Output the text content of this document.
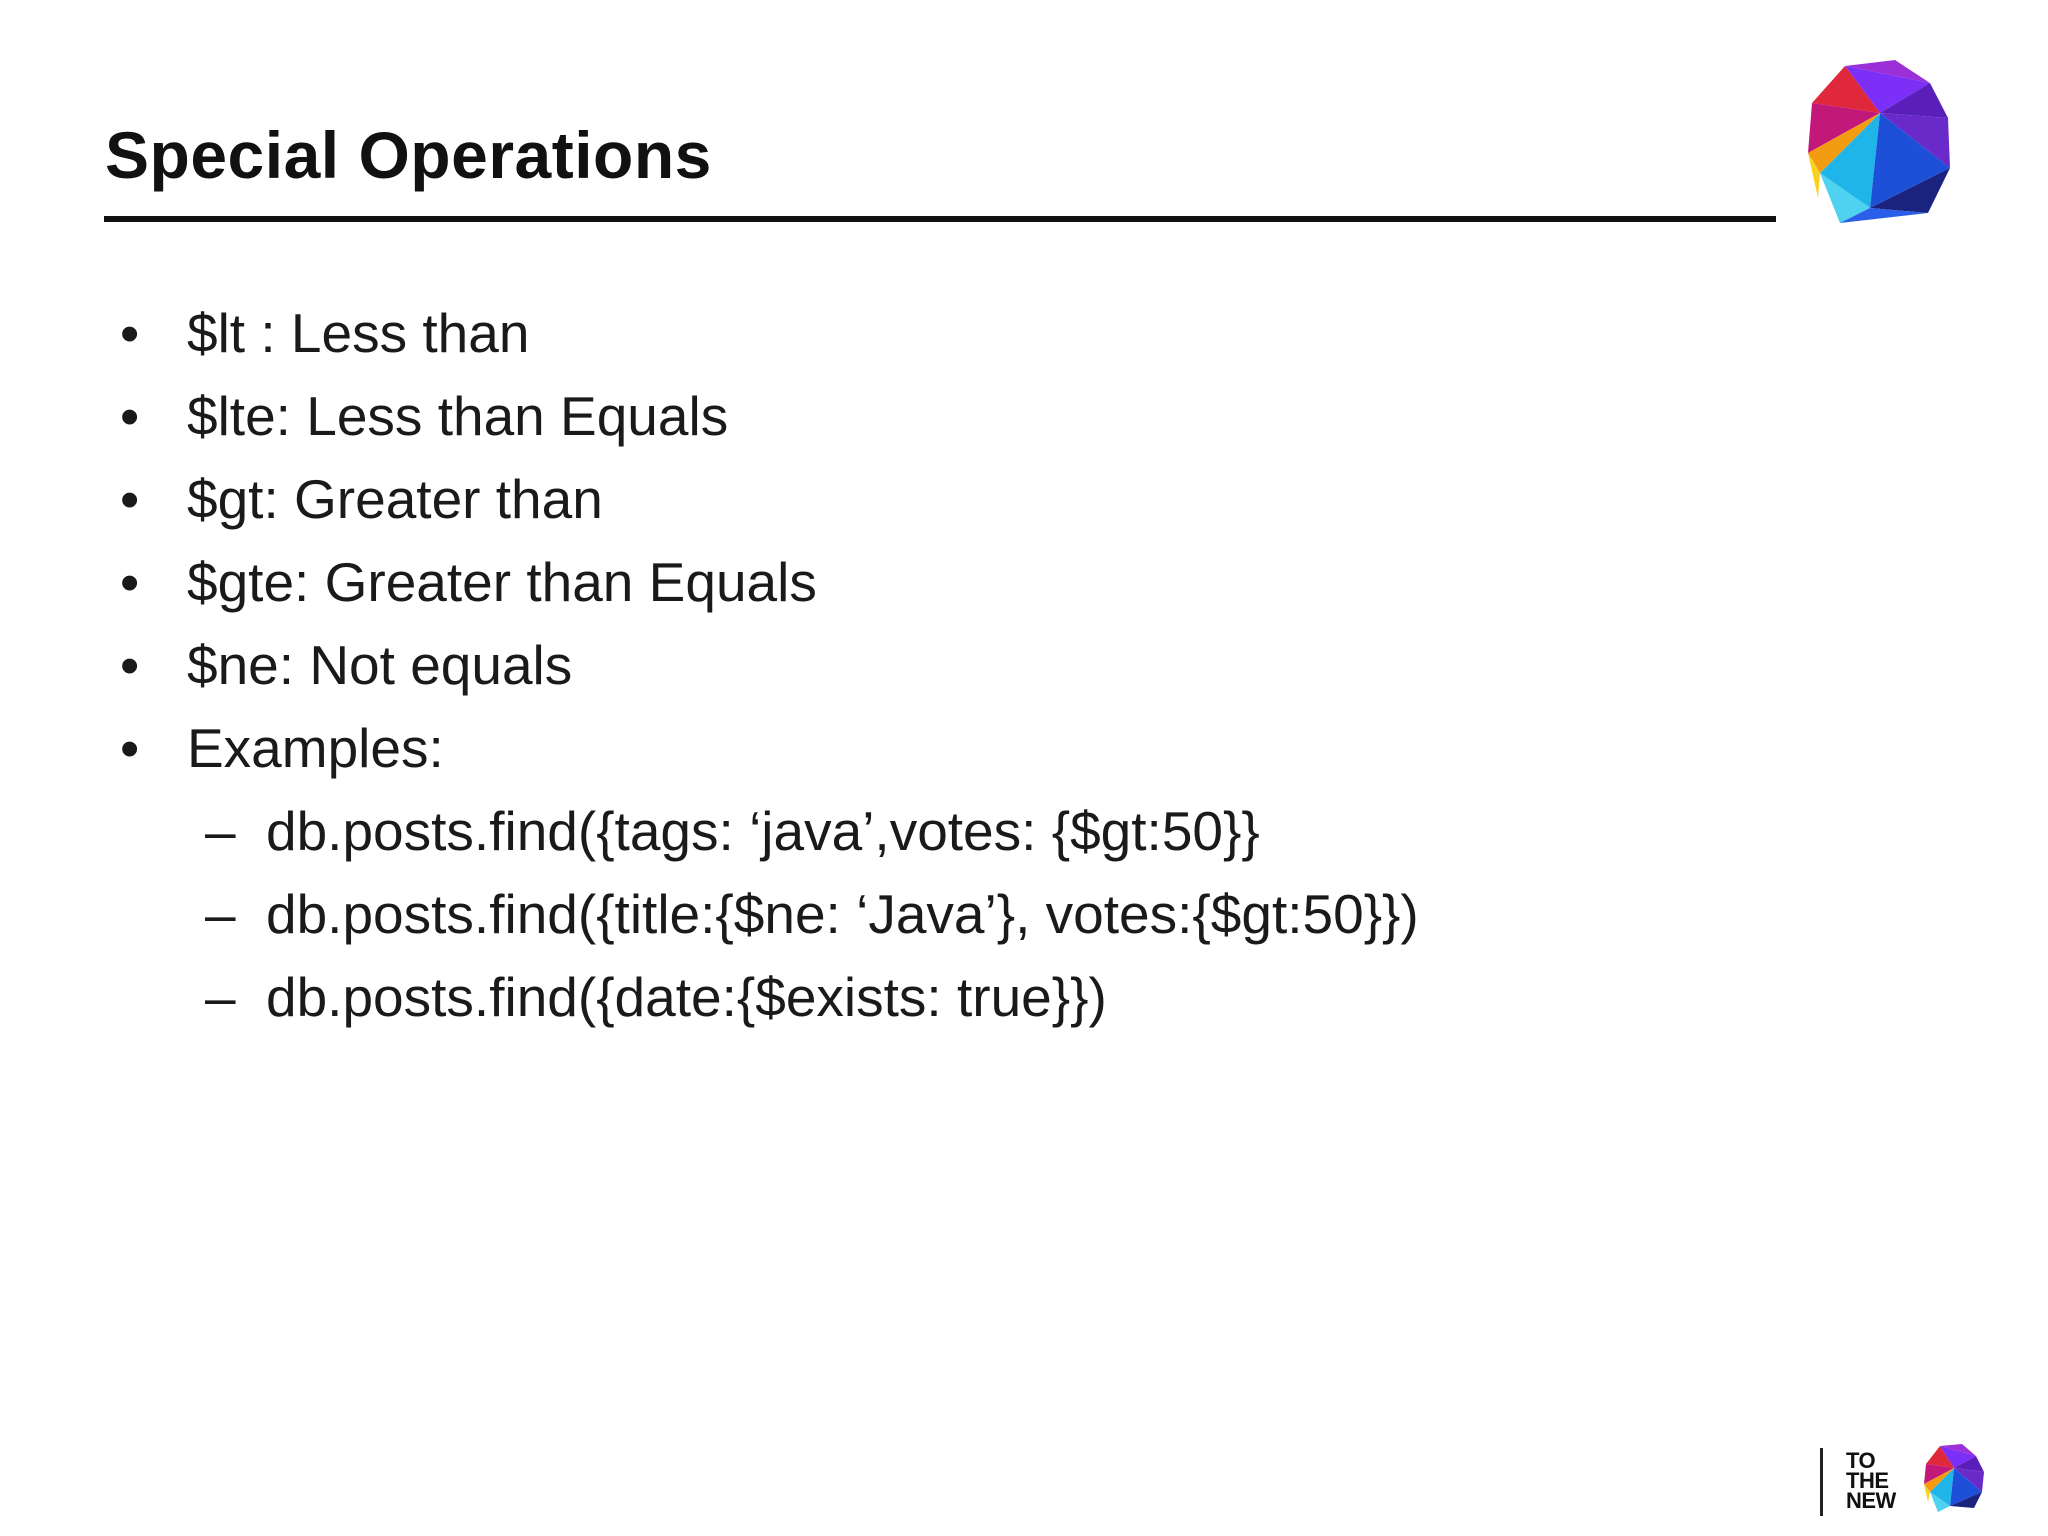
Special Operations
• $lt : Less than
• $lte: Less than Equals
• $gt: Greater than
• $gte: Greater than Equals
• $ne: Not equals
• Examples:
– db.posts.find({tags: ‘java’,votes: {$gt:50}}
– db.posts.find({title:{$ne: ‘Java’}, votes:{$gt:50}})
– db.posts.find({date:{$exists: true}})
TO
THE
NEW
